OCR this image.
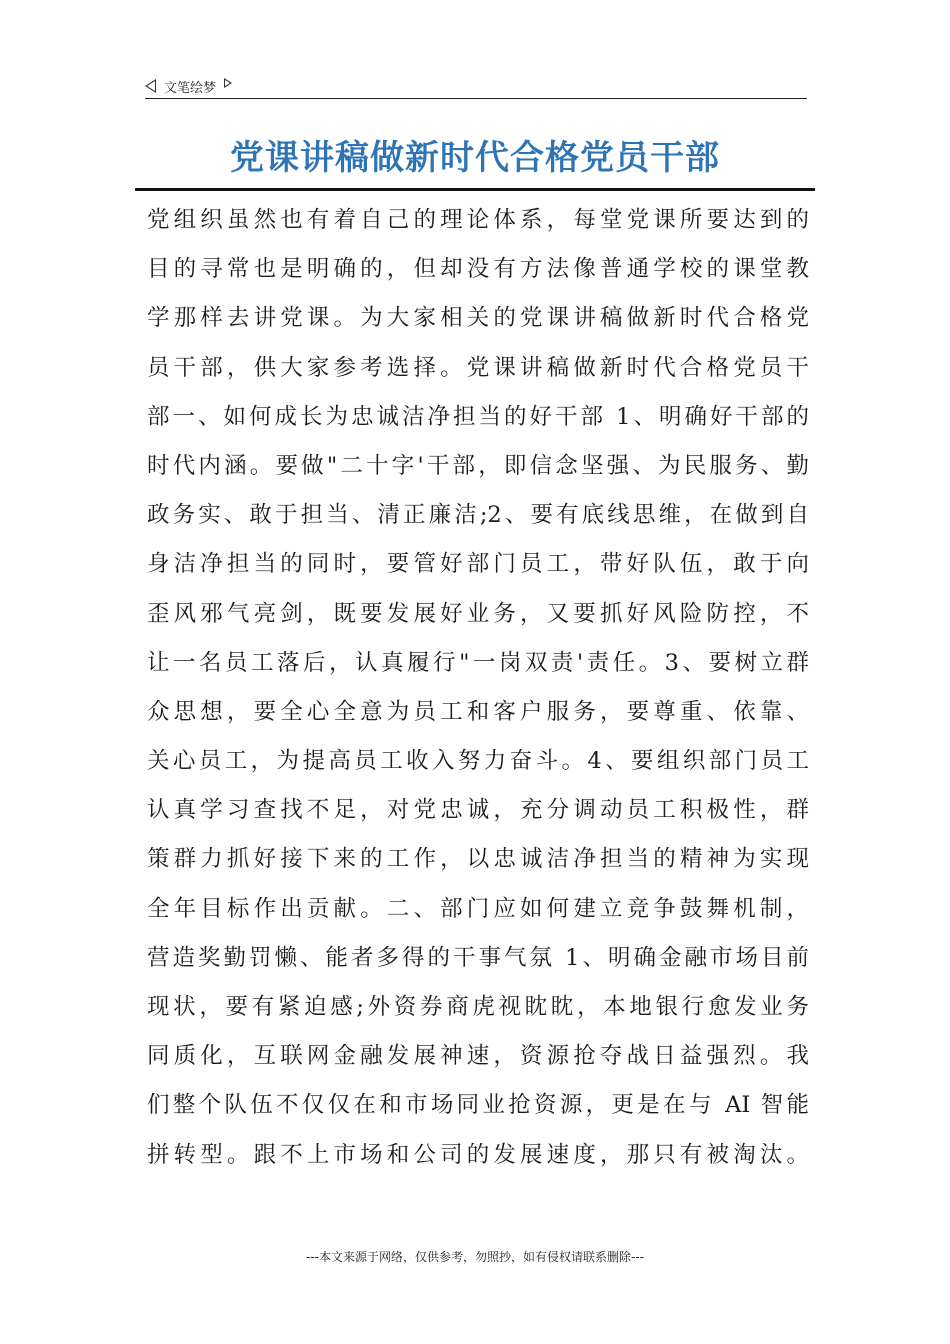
文笔绘梦
党课讲稿做新时代合格党员干部
党组织虽然也有着自己的理论体系，每堂党课所要达到的
目的寻常也是明确的，但却没有方法像普通学校的课堂教
学那样去讲党课。为大家相关的党课讲稿做新时代合格党
员干部，供大家参考选择。党课讲稿做新时代合格党员干
部一、如何成长为忠诚洁净担当的好干部 1、明确好干部的
时代内涵。要做"二十字'干部，即信念坚强、为民服务、勤
政务实、敢于担当、清正廉洁;2、要有底线思维，在做到自
身洁净担当的同时，要管好部门员工，带好队伍，敢于向
歪风邪气亮剑，既要发展好业务，又要抓好风险防控，不
让一名员工落后，认真履行"一岗双责'责任。3、要树立群
众思想，要全心全意为员工和客户服务，要尊重、依靠、
关心员工，为提高员工收入努力奋斗。4、要组织部门员工
认真学习查找不足，对党忠诚，充分调动员工积极性，群
策群力抓好接下来的工作，以忠诚洁净担当的精神为实现
全年目标作出贡献。二、部门应如何建立竞争鼓舞机制，
营造奖勤罚懒、能者多得的干事气氛 1、明确金融市场目前
现状，要有紧迫感;外资券商虎视眈眈，本地银行愈发业务
同质化，互联网金融发展神速，资源抢夺战日益强烈。我
们整个队伍不仅仅在和市场同业抢资源，更是在与 AI 智能
拼转型。跟不上市场和公司的发展速度，那只有被淘汰。
---本文来源于网络，仅供参考，勿照抄，如有侵权请联系删除---
